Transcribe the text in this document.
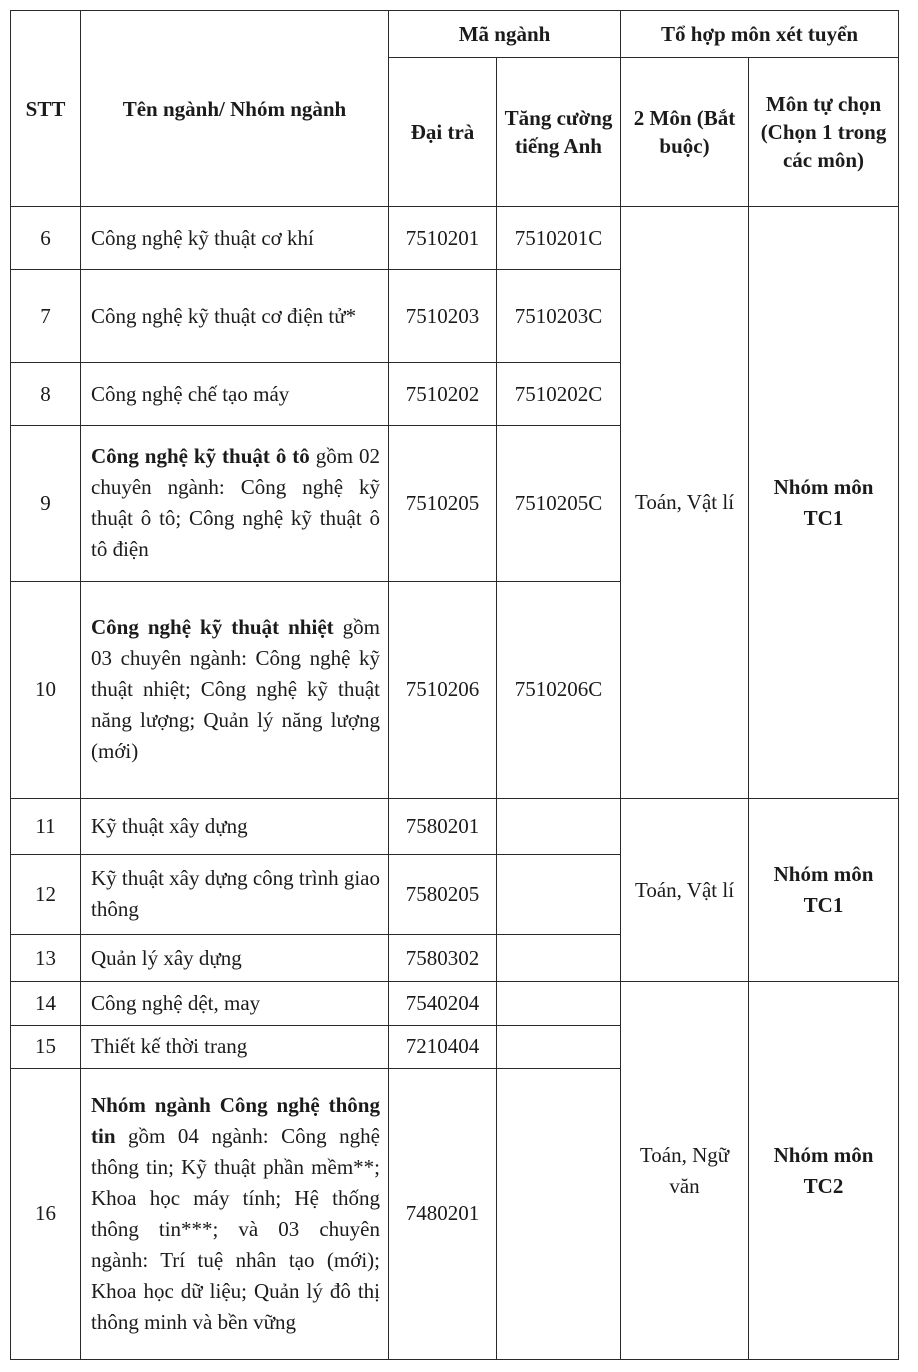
STT	Tên ngành/ Nhóm ngành	Mã ngành		Tổ hợp môn xét tuyển	
		Đại trà	Tăng cường tiếng Anh	2 Môn (Bắt buộc)	Môn tự chọn (Chọn 1 trong các môn)
6	Công nghệ kỹ thuật cơ khí	7510201	7510201C	Toán, Vật lí	Nhóm môn TC1
7	Công nghệ kỹ thuật cơ điện tử*	7510203	7510203C		
8	Công nghệ chế tạo máy	7510202	7510202C		
9	Công nghệ kỹ thuật ô tô gồm 02 chuyên ngành: Công nghệ kỹ thuật ô tô; Công nghệ kỹ thuật ô tô điện	7510205	7510205C		
10	Công nghệ kỹ thuật nhiệt gồm 03 chuyên ngành: Công nghệ kỹ thuật nhiệt; Công nghệ kỹ thuật năng lượng; Quản lý năng lượng (mới)	7510206	7510206C		
11	Kỹ thuật xây dựng	7580201		Toán, Vật lí	Nhóm môn TC1
12	Kỹ thuật xây dựng công trình giao thông	7580205			
13	Quản lý xây dựng	7580302			
14	Công nghệ dệt, may	7540204		Toán, Ngữ văn	Nhóm môn TC2
15	Thiết kế thời trang	7210404			
16	Nhóm ngành Công nghệ thông tin gồm 04 ngành: Công nghệ thông tin; Kỹ thuật phần mềm**; Khoa học máy tính; Hệ thống thông tin***; và 03 chuyên ngành: Trí tuệ nhân tạo (mới); Khoa học dữ liệu; Quản lý đô thị thông minh và bền vững	7480201			
